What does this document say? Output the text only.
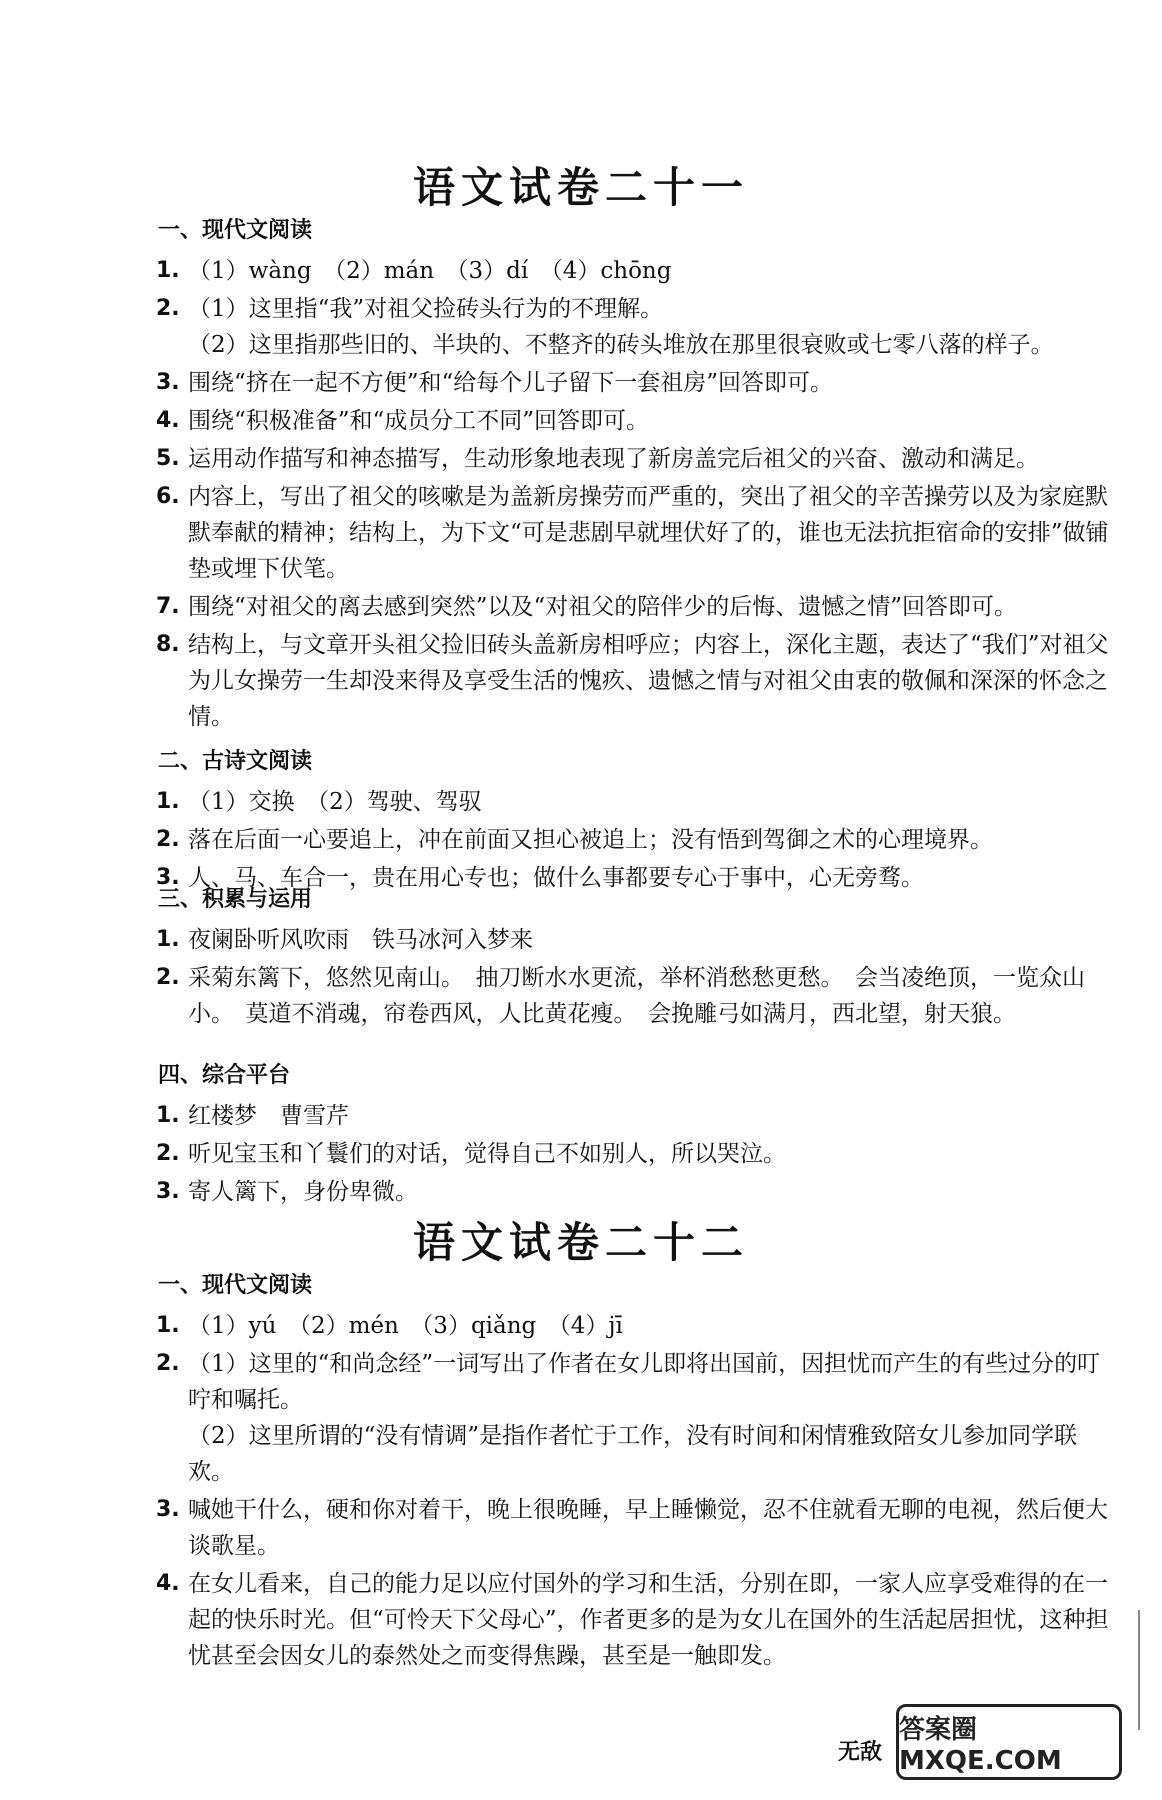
语文试卷二十一
一、现代文阅读
1. （1）wàng　（2）mán　（3）dí　（4）chōng
2. （1）这里指“我”对祖父捡砖头行为的不理解。
（2）这里指那些旧的、半块的、不整齐的砖头堆放在那里很衰败或七零八落的样子。
3. 围绕“挤在一起不方便”和“给每个儿子留下一套祖房”回答即可。
4. 围绕“积极准备”和“成员分工不同”回答即可。
5. 运用动作描写和神态描写，生动形象地表现了新房盖完后祖父的兴奋、激动和满足。
6. 内容上，写出了祖父的咳嗽是为盖新房操劳而严重的，突出了祖父的辛苦操劳以及为家庭默默奉献的精神；结构上，为下文“可是悲剧早就埋伏好了的，谁也无法抗拒宿命的安排”做铺垫或埋下伏笔。
7. 围绕“对祖父的离去感到突然”以及“对祖父的陪伴少的后悔、遗憾之情”回答即可。
8. 结构上，与文章开头祖父捡旧砖头盖新房相呼应；内容上，深化主题，表达了“我们”对祖父为儿女操劳一生却没来得及享受生活的愧疚、遗憾之情与对祖父由衷的敬佩和深深的怀念之情。
二、古诗文阅读
1. （1）交换　（2）驾驶、驾驭
2. 落在后面一心要追上，冲在前面又担心被追上；没有悟到驾御之术的心理境界。
3. 人、马、车合一，贵在用心专也；做什么事都要专心于事中，心无旁骛。
三、积累与运用
1. 夜阑卧听风吹雨　铁马冰河入梦来
2. 采菊东篱下，悠然见南山。　抽刀断水水更流，举杯消愁愁更愁。　会当凌绝顶，一览众山小。　莫道不消魂，帘卷西风，人比黄花瘦。　会挽雕弓如满月，西北望，射天狼。
四、综合平台
1. 红楼梦　曹雪芹
2. 听见宝玉和丫鬟们的对话，觉得自己不如别人，所以哭泣。
3. 寄人篱下，身份卑微。
语文试卷二十二
一、现代文阅读
1. （1）yú　（2）mén　（3）qiǎng　（4）jī
2. （1）这里的“和尚念经”一词写出了作者在女儿即将出国前，因担忧而产生的有些过分的叮咛和嘱托。
（2）这里所谓的“没有情调”是指作者忙于工作，没有时间和闲情雅致陪女儿参加同学联欢。
3. 喊她干什么，硬和你对着干，晚上很晚睡，早上睡懒觉，忍不住就看无聊的电视，然后便大谈歌星。
4. 在女儿看来，自己的能力足以应付国外的学习和生活，分别在即，一家人应享受难得的在一起的快乐时光。但“可怜天下父母心”，作者更多的是为女儿在国外的生活起居担忧，这种担忧甚至会因女儿的泰然处之而变得焦躁，甚至是一触即发。
无敌
答案圈 MXQE.COM
